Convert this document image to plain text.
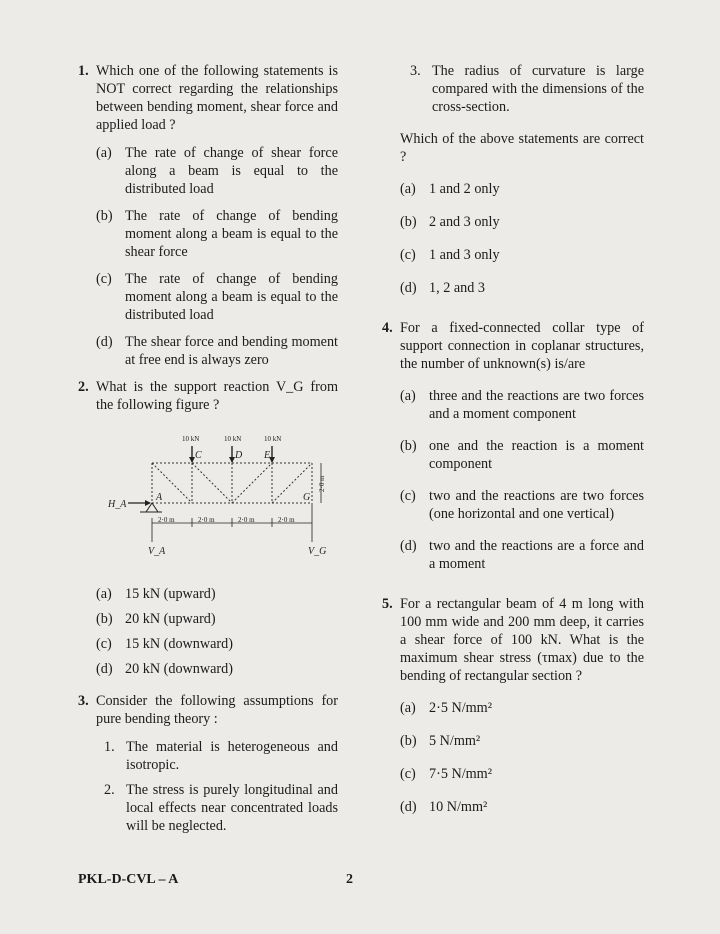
1. Which one of the following statements is NOT correct regarding the relationships between bending moment, shear force and applied load ?
(a) The rate of change of shear force along a beam is equal to the distributed load
(b) The rate of change of bending moment along a beam is equal to the shear force
(c) The rate of change of bending moment along a beam is equal to the distributed load
(d) The shear force and bending moment at free end is always zero
2. What is the support reaction V_G from the following figure ?
10 kN	10 kN	10 kN
C	D E
A	G
2·0 m
H_A
2·0 m	2·0 m	2·0 m	2·0 m
V_A	V_G
(a) 15 kN (upward)
(b) 20 kN (upward)
(c) 15 kN (downward)
(d) 20 kN (downward)
3. Consider the following assumptions for pure bending theory :
1. The material is heterogeneous and isotropic.
2. The stress is purely longitudinal and local effects near concentrated loads will be neglected.
3. The radius of curvature is large compared with the dimensions of the cross-section.
Which of the above statements are correct ?
(a) 1 and 2 only
(b) 2 and 3 only
(c) 1 and 3 only
(d) 1, 2 and 3
4. For a fixed-connected collar type of support connection in coplanar structures, the number of unknown(s) is/are
(a) three and the reactions are two forces and a moment component
(b) one and the reaction is a moment component
(c) two and the reactions are two forces (one horizontal and one vertical)
(d) two and the reactions are a force and a moment
5. For a rectangular beam of 4 m long with 100 mm wide and 200 mm deep, it carries a shear force of 100 kN. What is the maximum shear stress (τmax) due to the bending of rectangular section ?
(a) 2·5 N/mm²
(b) 5 N/mm²
(c) 7·5 N/mm²
(d) 10 N/mm²
PKL-D-CVL – A	2
